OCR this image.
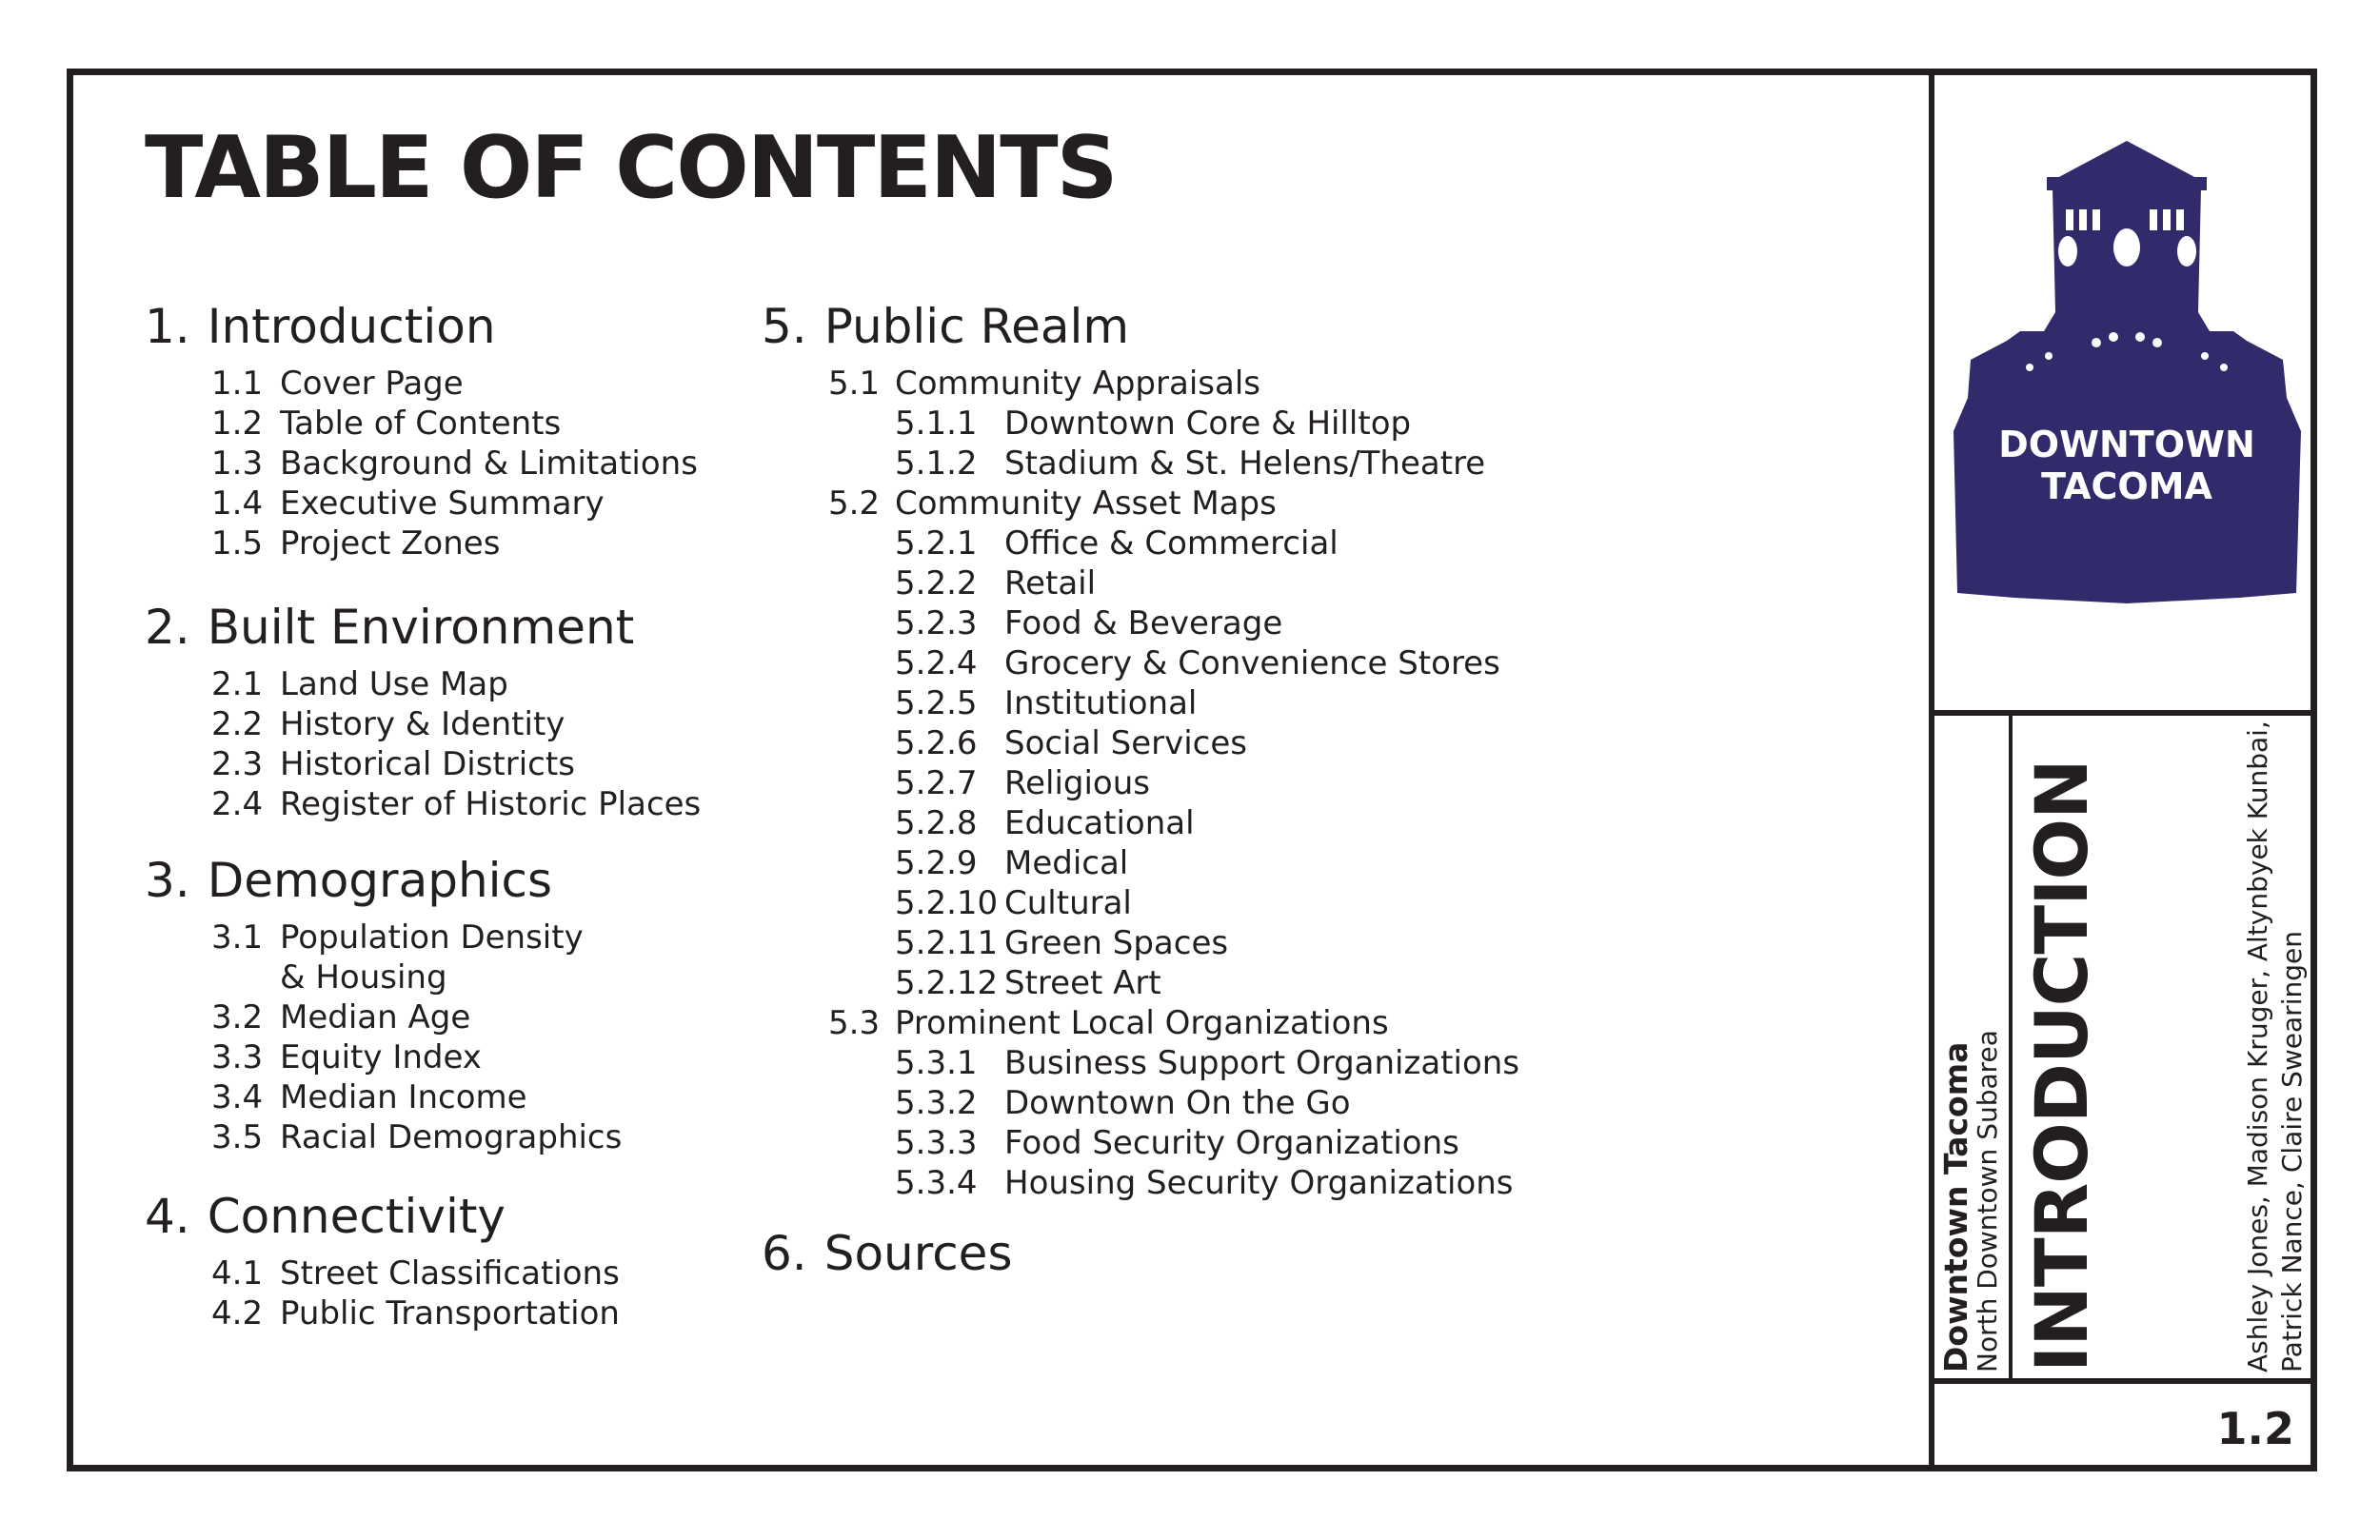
TABLE OF CONTENTS
1. Introduction
1.1 Cover Page
1.2 Table of Contents
1.3 Background & Limitations
1.4 Executive Summary
1.5 Project Zones
2. Built Environment
2.1 Land Use Map
2.2 History & Identity
2.3 Historical Districts
2.4 Register of Historic Places
3. Demographics
3.1 Population Density
& Housing
3.2 Median Age
3.3 Equity Index
3.4 Median Income
3.5 Racial Demographics
4. Connectivity
4.1 Street Classifications
4.2 Public Transportation
5. Public Realm
5.1 Community Appraisals
5.1.1 Downtown Core & Hilltop
5.1.2 Stadium & St. Helens/Theatre
5.2 Community Asset Maps
5.2.1 Office & Commercial
5.2.2 Retail
5.2.3 Food & Beverage
5.2.4 Grocery & Convenience Stores
5.2.5 Institutional
5.2.6 Social Services
5.2.7 Religious
5.2.8 Educational
5.2.9 Medical
5.2.10 Cultural
5.2.11 Green Spaces
5.2.12 Street Art
5.3 Prominent Local Organizations
5.3.1 Business Support Organizations
5.3.2 Downtown On the Go
5.3.3 Food Security Organizations
5.3.4 Housing Security Organizations
6. Sources
DOWNTOWN
TACOMA
Downtown Tacoma
North Downtown Subarea INTRODUCTION	Ashley Jones, Madison Kruger, Altynbyek Kunbai, Patrick Nance, Claire Swearingen
1.2
